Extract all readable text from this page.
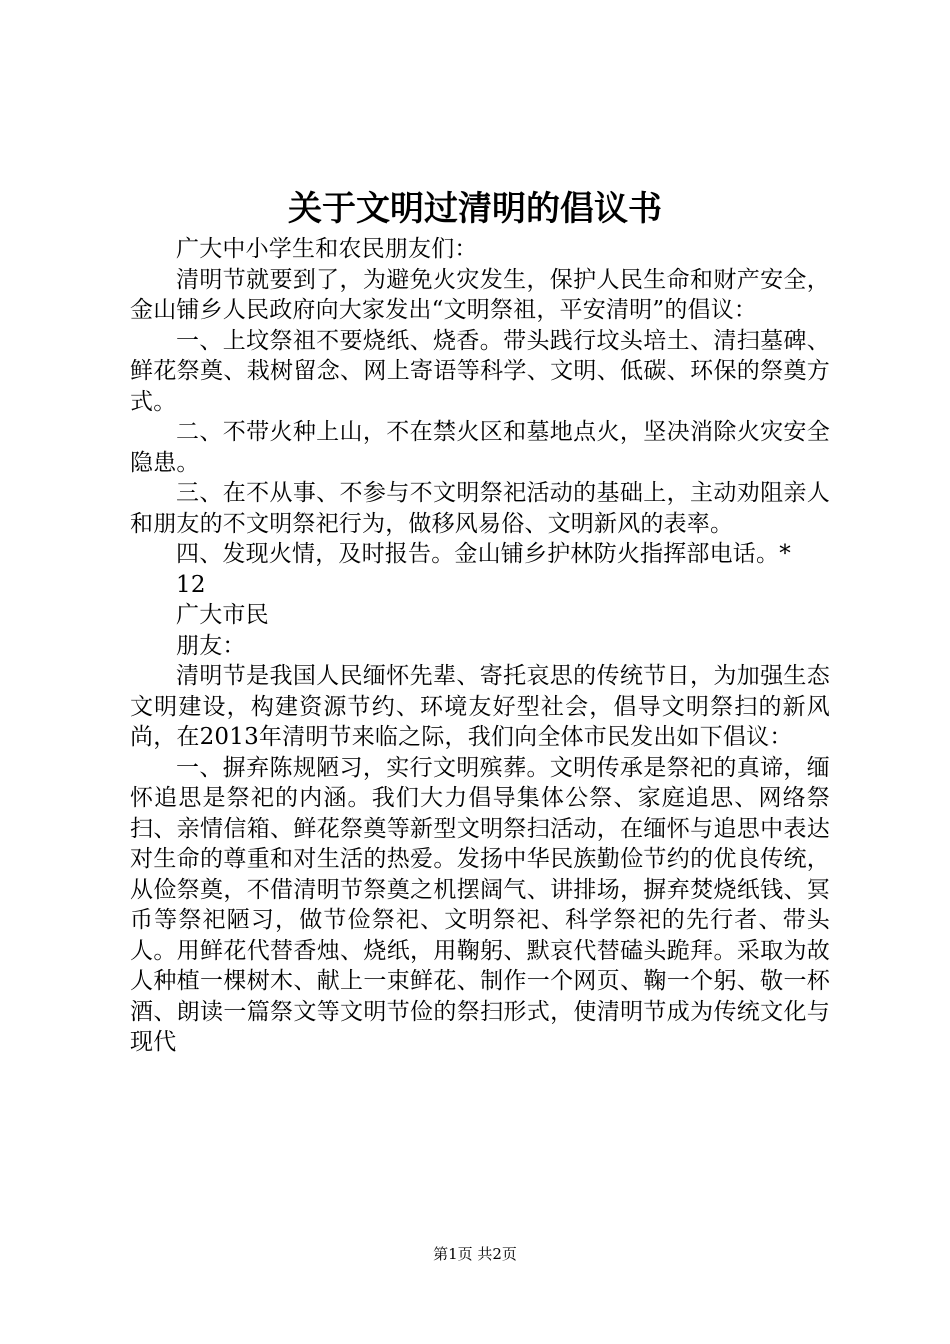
关于文明过清明的倡议书

广大中小学生和农民朋友们：

清明节就要到了，为避免火灾发生，保护人民生命和财产安全，金山铺乡人民政府向大家发出“文明祭祖，平安清明”的倡议：

一、上坟祭祖不要烧纸、烧香。带头践行坟头培土、清扫墓碑、鲜花祭奠、栽树留念、网上寄语等科学、文明、低碳、环保的祭奠方式。

二、不带火种上山，不在禁火区和墓地点火，坚决消除火灾安全隐患。

三、在不从事、不参与不文明祭祀活动的基础上，主动劝阻亲人和朋友的不文明祭祀行为，做移风易俗、文明新风的表率。

四、发现火情，及时报告。金山铺乡护林防火指挥部电话。*

12

广大市民

朋友：

清明节是我国人民缅怀先辈、寄托哀思的传统节日，为加强生态文明建设，构建资源节约、环境友好型社会，倡导文明祭扫的新风尚，在2013年清明节来临之际，我们向全体市民发出如下倡议：

一、摒弃陈规陋习，实行文明殡葬。文明传承是祭祀的真谛，缅怀追思是祭祀的内涵。我们大力倡导集体公祭、家庭追思、网络祭扫、亲情信箱、鲜花祭奠等新型文明祭扫活动，在缅怀与追思中表达对生命的尊重和对生活的热爱。发扬中华民族勤俭节约的优良传统，从俭祭奠，不借清明节祭奠之机摆阔气、讲排场，摒弃焚烧纸钱、冥币等祭祀陋习，做节俭祭祀、文明祭祀、科学祭祀的先行者、带头人。用鲜花代替香烛、烧纸，用鞠躬、默哀代替磕头跪拜。采取为故人种植一棵树木、献上一束鲜花、制作一个网页、鞠一个躬、敬一杯酒、朗读一篇祭文等文明节俭的祭扫形式，使清明节成为传统文化与现代

第1页 共2页
